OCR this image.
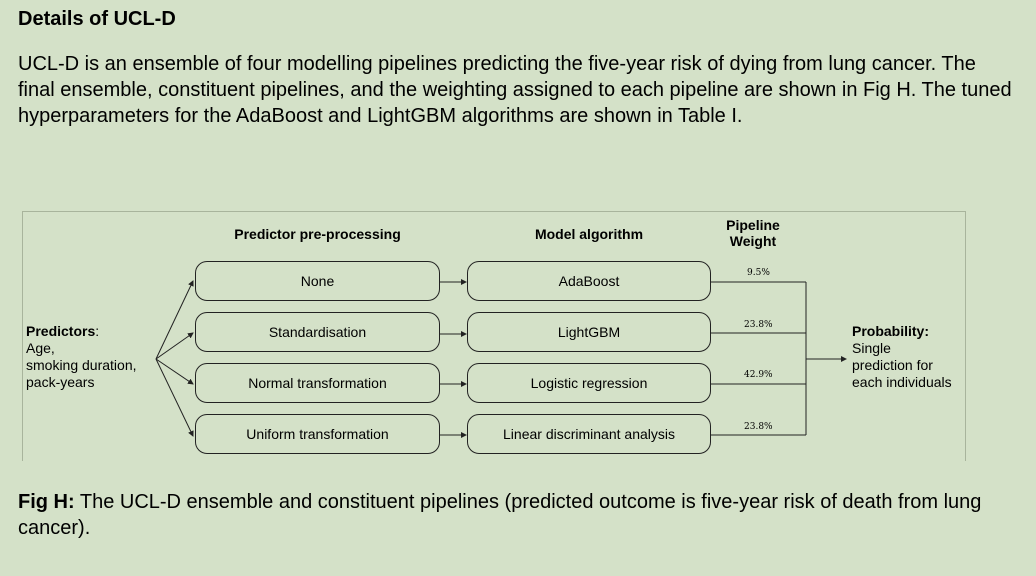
Details of UCL-D

UCL-D is an ensemble of four modelling pipelines predicting the five-year risk of dying from lung cancer. The final ensemble, constituent pipelines, and the weighting assigned to each pipeline are shown in Fig H. The tuned hyperparameters for the AdaBoost and LightGBM algorithms are shown in Table I.

Predictor pre-processing	Model algorithm
Pipeline
Weight
Predictors:
Age,
smoking duration,
pack-years
None
Standardisation
Normal transformation
Uniform transformation
AdaBoost
LightGBM
Logistic regression
Linear discriminant analysis
9.5%
23.8%
42.9%
23.8%
Probability:
Single
prediction for
each individuals

Fig H: The UCL-D ensemble and constituent pipelines (predicted outcome is five-year risk of death from lung cancer).
